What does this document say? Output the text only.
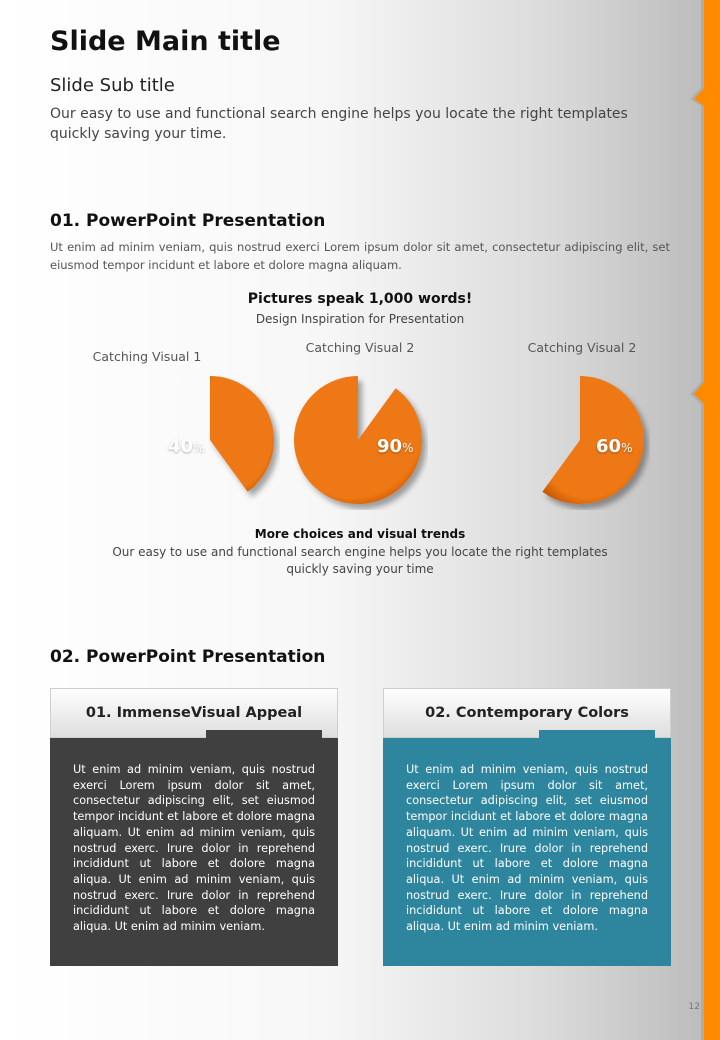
Slide Main title
Slide Sub title
Our easy to use and functional search engine helps you locate the right templates quickly saving your time.
01. PowerPoint Presentation
Ut enim ad minim veniam, quis nostrud exerci Lorem ipsum dolor sit amet, consectetur adipiscing elit, set eiusmod tempor incidunt et labore et dolore magna aliquam.
Pictures speak 1,000 words!
Design Inspiration for Presentation
Catching Visual 1
Catching Visual 2	Catching Visual 2
40%	90%	60%
More choices and visual trends
Our easy to use and functional search engine helps you locate the right templates quickly saving your time
02. PowerPoint Presentation
01. ImmenseVisual Appeal
Ut enim ad minim veniam, quis nostrud exerci Lorem ipsum dolor sit amet, consectetur adipiscing elit, set eiusmod tempor incidunt et labore et dolore magna aliquam. Ut enim ad minim veniam, quis nostrud exerc. Irure dolor in reprehend incididunt ut labore et dolore magna aliqua. Ut enim ad minim veniam, quis nostrud exerc. Irure dolor in reprehend incididunt ut labore et dolore magna aliqua. Ut enim ad minim veniam.
02. Contemporary Colors
Ut enim ad minim veniam, quis nostrud exerci Lorem ipsum dolor sit amet, consectetur adipiscing elit, set eiusmod tempor incidunt et labore et dolore magna aliquam. Ut enim ad minim veniam, quis nostrud exerc. Irure dolor in reprehend incididunt ut labore et dolore magna aliqua. Ut enim ad minim veniam, quis nostrud exerc. Irure dolor in reprehend incididunt ut labore et dolore magna aliqua. Ut enim ad minim veniam.
12
